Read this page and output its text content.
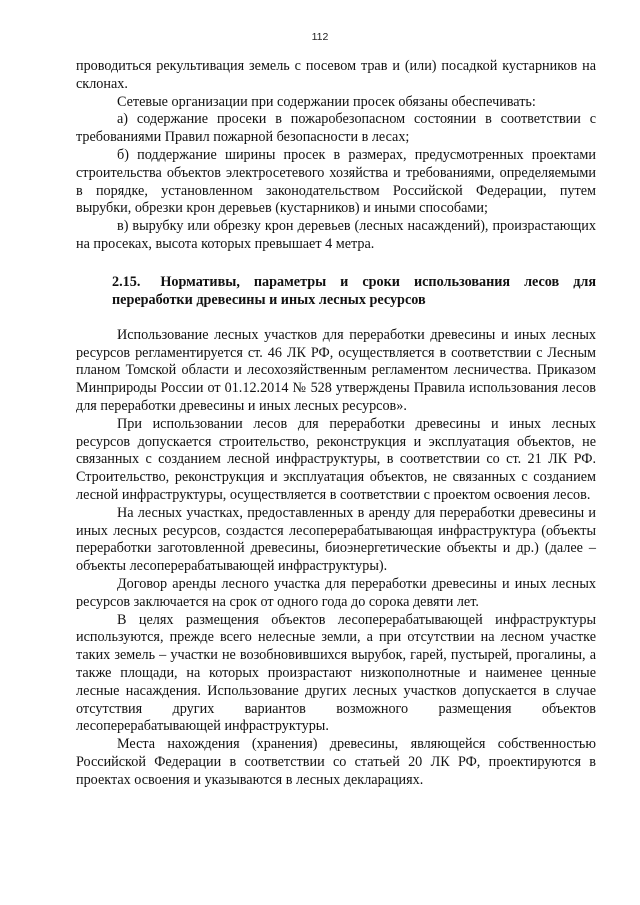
112

проводиться рекультивация земель с посевом трав и (или) посадкой кустарников на склонах.

Сетевые организации при содержании просек обязаны обеспечивать:

а) содержание просеки в пожаробезопасном состоянии в соответствии с требованиями Правил пожарной безопасности в лесах;

б) поддержание ширины просек в размерах, предусмотренных проектами строительства объектов электросетевого хозяйства и требованиями, определяемыми в порядке, установленном законодательством Российской Федерации, путем вырубки, обрезки крон деревьев (кустарников) и иными способами;

в) вырубку или обрезку крон деревьев (лесных насаждений), произрастающих на просеках, высота которых превышает 4 метра.

2.15. Нормативы, параметры и сроки использования лесов для переработки древесины и иных лесных ресурсов

Использование лесных участков для переработки древесины и иных лесных ресурсов регламентируется ст. 46 ЛК РФ, осуществляется в соответствии с Лесным планом Томской области и лесохозяйственным регламентом лесничества. Приказом Минприроды России от 01.12.2014 № 528 утверждены Правила использования лесов для переработки древесины и иных лесных ресурсов».

При использовании лесов для переработки древесины и иных лесных ресурсов допускается строительство, реконструкция и эксплуатация объектов, не связанных с созданием лесной инфраструктуры, в соответствии со ст. 21 ЛК РФ. Строительство, реконструкция и эксплуатация объектов, не связанных с созданием лесной инфраструктуры, осуществляется в соответствии с проектом освоения лесов.

На лесных участках, предоставленных в аренду для переработки древесины и иных лесных ресурсов, создастся лесоперерабатывающая инфраструктура (объекты переработки заготовленной древесины, биоэнергетические объекты и др.) (далее – объекты лесоперерабатывающей инфраструктуры).

Договор аренды лесного участка для переработки древесины и иных лесных ресурсов заключается на срок от одного года до сорока девяти лет.

В целях размещения объектов лесоперерабатывающей инфраструктуры используются, прежде всего нелесные земли, а при отсутствии на лесном участке таких земель – участки не возобновившихся вырубок, гарей, пустырей, прогалины, а также площади, на которых произрастают низкополнотные и наименее ценные лесные насаждения. Использование других лесных участков допускается в случае отсутствия других вариантов возможного размещения объектов лесоперерабатывающей инфраструктуры.

Места нахождения (хранения) древесины, являющейся собственностью Российской Федерации в соответствии со статьей 20 ЛК РФ, проектируются в проектах освоения и указываются в лесных декларациях.
